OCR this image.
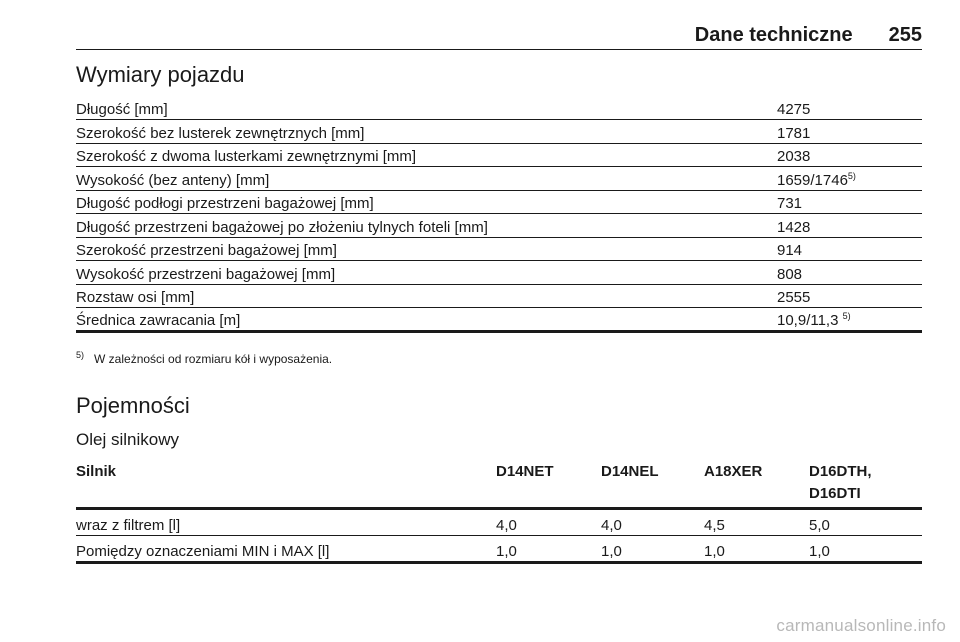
Dane techniczne 255
Wymiary pojazdu
Długość [mm]	4275
Szerokość bez lusterek zewnętrznych [mm]	1781
Szerokość z dwoma lusterkami zewnętrznymi [mm]	2038
Wysokość (bez anteny) [mm]	1659/1746$^{5)}$
Długość podłogi przestrzeni bagażowej [mm]	731
Długość przestrzeni bagażowej po złożeniu tylnych foteli [mm]	1428
Szerokość przestrzeni bagażowej [mm]	914
Wysokość przestrzeni bagażowej [mm]	808
Rozstaw osi [mm]	2555
Średnica zawracania [m]	10,9/11,3 $^{5)}$
$^{5)}$ W zależności od rozmiaru kół i wyposażenia.
Pojemności
Olej silnikowy
Silnik	D14NET	D14NEL	A18XER	D16DTH,
D16DTI
wraz z filtrem [l]	4,0	4,0	4,5	5,0
Pomiędzy oznaczeniami MIN i MAX [l]	1,0	1,0	1,0	1,0
carmanualsonline.info
